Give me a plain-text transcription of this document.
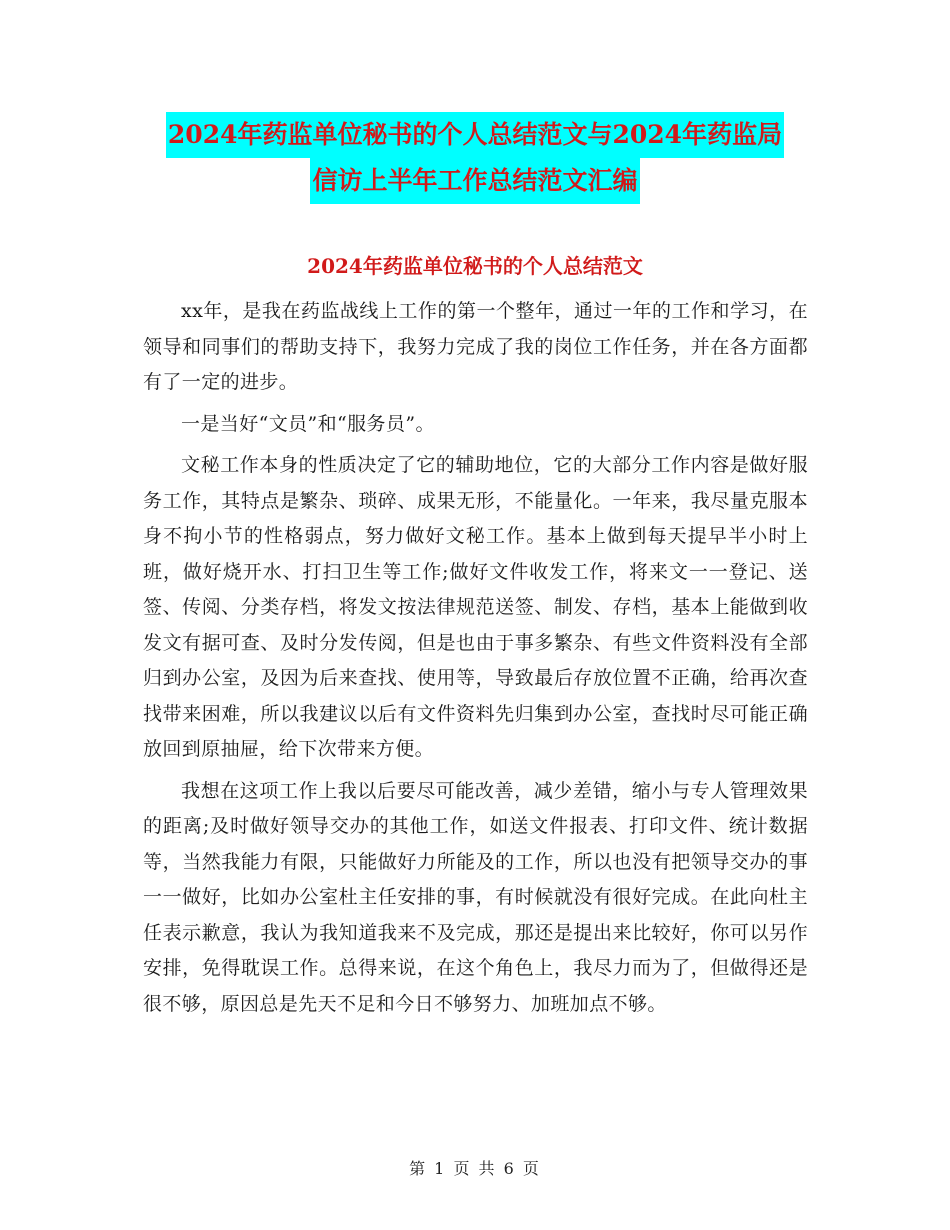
2024年药监单位秘书的个人总结范文与2024年药监局
信访上半年工作总结范文汇编
2024年药监单位秘书的个人总结范文

xx年，是我在药监战线上工作的第一个整年，通过一年的工作和学习，在领导和同事们的帮助支持下，我努力完成了我的岗位工作任务，并在各方面都有了一定的进步。

一是当好“文员”和“服务员”。

文秘工作本身的性质决定了它的辅助地位，它的大部分工作内容是做好服务工作，其特点是繁杂、琐碎、成果无形，不能量化。一年来，我尽量克服本身不拘小节的性格弱点，努力做好文秘工作。基本上做到每天提早半小时上班，做好烧开水、打扫卫生等工作;做好文件收发工作，将来文一一登记、送签、传阅、分类存档，将发文按法律规范送签、制发、存档，基本上能做到收发文有据可查、及时分发传阅，但是也由于事多繁杂、有些文件资料没有全部归到办公室，及因为后来查找、使用等，导致最后存放位置不正确，给再次查找带来困难，所以我建议以后有文件资料先归集到办公室，查找时尽可能正确放回到原抽屉，给下次带来方便。

我想在这项工作上我以后要尽可能改善，减少差错，缩小与专人管理效果的距离;及时做好领导交办的其他工作，如送文件报表、打印文件、统计数据等，当然我能力有限，只能做好力所能及的工作，所以也没有把领导交办的事一一做好，比如办公室杜主任安排的事，有时候就没有很好完成。在此向杜主任表示歉意，我认为我知道我来不及完成，那还是提出来比较好，你可以另作安排，免得耽误工作。总得来说，在这个角色上，我尽力而为了，但做得还是很不够，原因总是先天不足和今日不够努力、加班加点不够。

第 1 页 共 6 页
